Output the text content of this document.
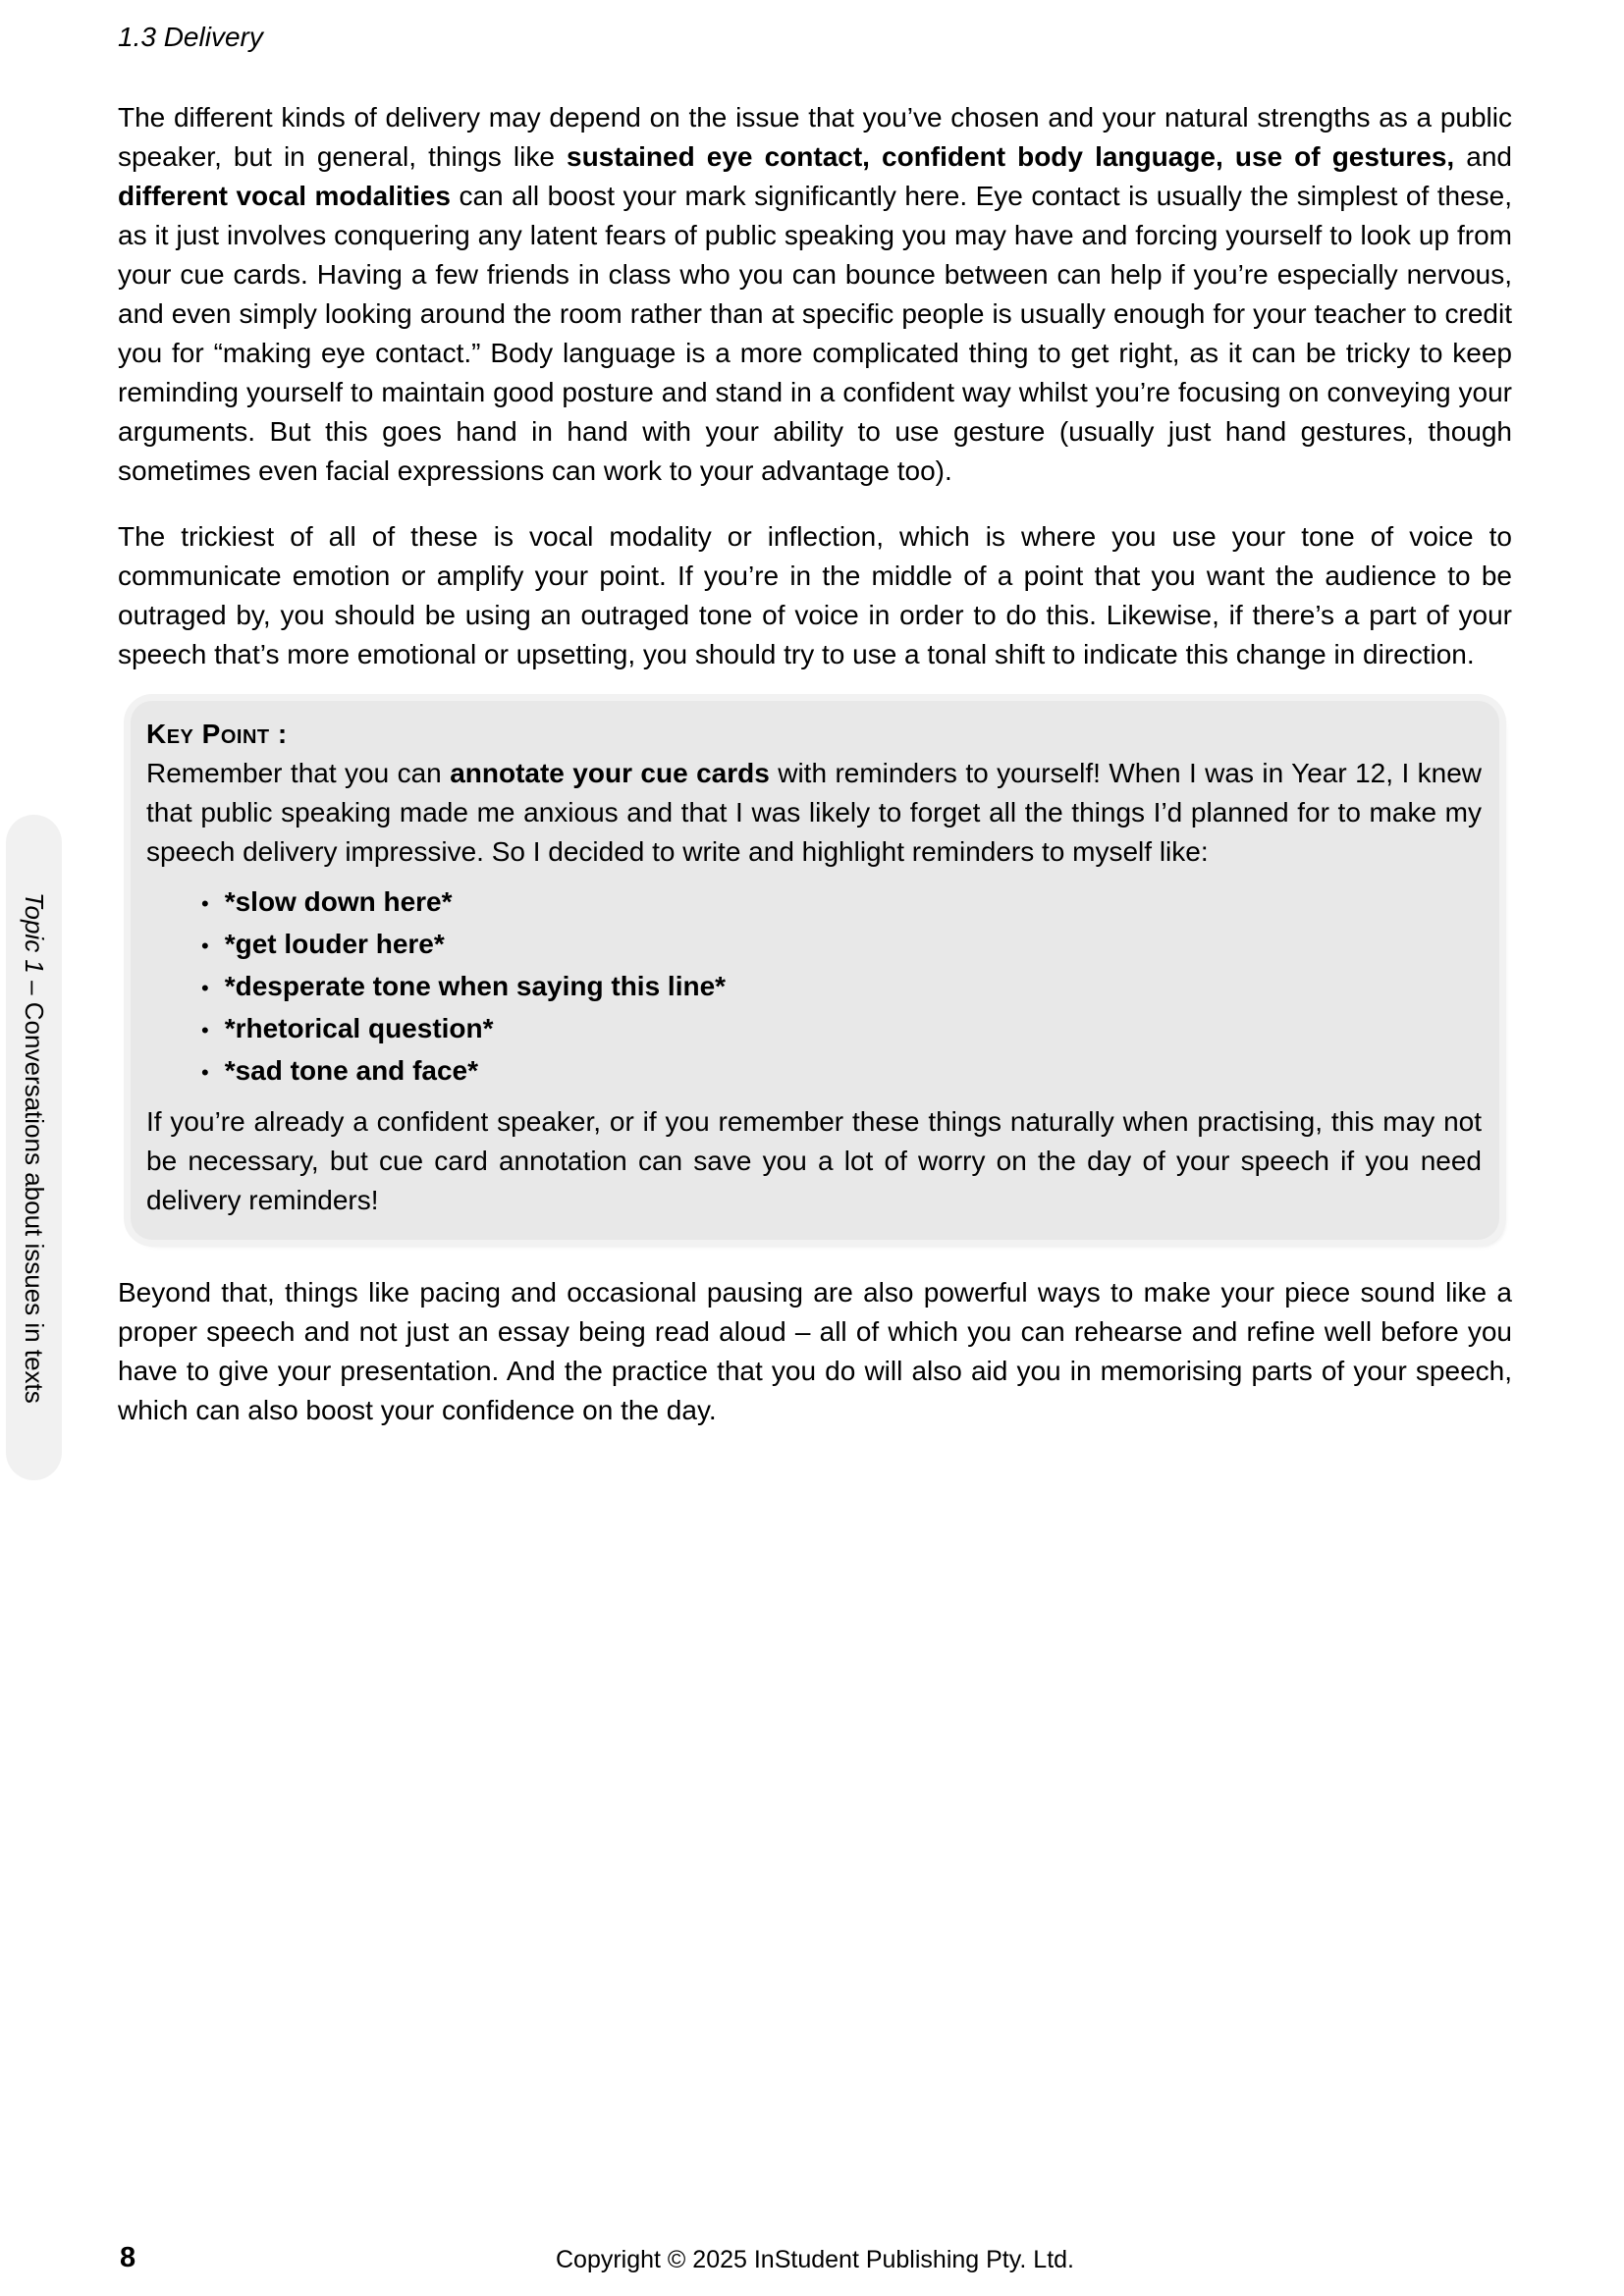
Topic 1 – Conversations about issues in texts
1.3 Delivery

The different kinds of delivery may depend on the issue that you’ve chosen and your natural strengths as a public speaker, but in general, things like sustained eye contact, confident body language, use of gestures, and different vocal modalities can all boost your mark significantly here. Eye contact is usually the simplest of these, as it just involves conquering any latent fears of public speaking you may have and forcing yourself to look up from your cue cards. Having a few friends in class who you can bounce between can help if you’re especially nervous, and even simply looking around the room rather than at specific people is usually enough for your teacher to credit you for “making eye contact.” Body language is a more complicated thing to get right, as it can be tricky to keep reminding yourself to maintain good posture and stand in a confident way whilst you’re focusing on conveying your arguments. But this goes hand in hand with your ability to use gesture (usually just hand gestures, though sometimes even facial expressions can work to your advantage too).

The trickiest of all of these is vocal modality or inflection, which is where you use your tone of voice to communicate emotion or amplify your point. If you’re in the middle of a point that you want the audience to be outraged by, you should be using an outraged tone of voice in order to do this. Likewise, if there’s a part of your speech that’s more emotional or upsetting, you should try to use a tonal shift to indicate this change in direction.

Key Point :

Remember that you can annotate your cue cards with reminders to yourself! When I was in Year 12, I knew that public speaking made me anxious and that I was likely to forget all the things I’d planned for to make my speech delivery impressive. So I decided to write and highlight reminders to myself like:

• *slow down here*
• *get louder here*
• *desperate tone when saying this line*
• *rhetorical question*
• *sad tone and face*

If you’re already a confident speaker, or if you remember these things naturally when practising, this may not be necessary, but cue card annotation can save you a lot of worry on the day of your speech if you need delivery reminders!

Beyond that, things like pacing and occasional pausing are also powerful ways to make your piece sound like a proper speech and not just an essay being read aloud – all of which you can rehearse and refine well before you have to give your presentation. And the practice that you do will also aid you in memorising parts of your speech, which can also boost your confidence on the day.

8	Copyright © 2025 InStudent Publishing Pty. Ltd.
